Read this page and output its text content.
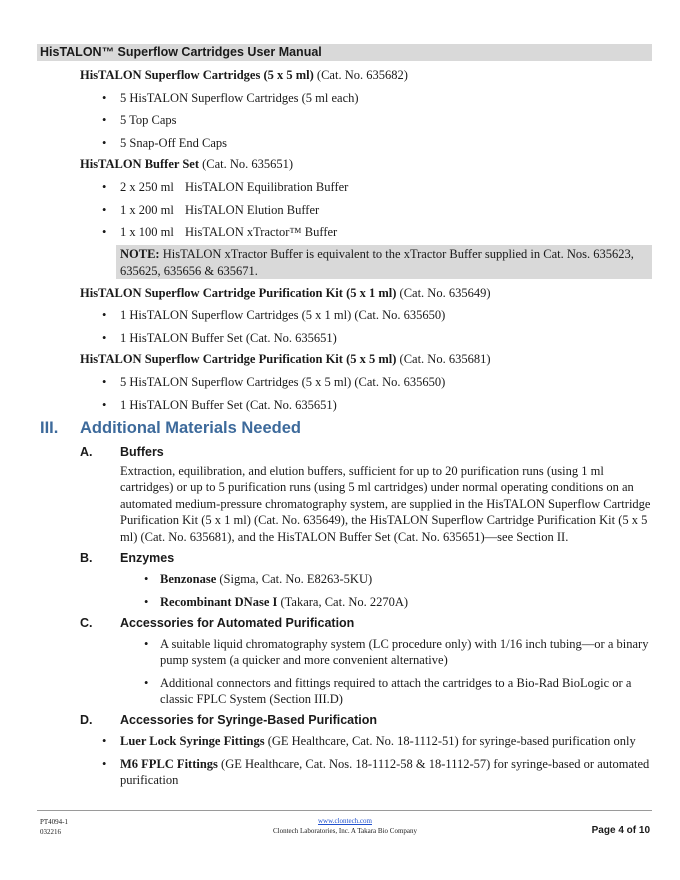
HisTALON™ Superflow Cartridges User Manual
HisTALON Superflow Cartridges (5 x 5 ml) (Cat. No. 635682)
• 5 HisTALON Superflow Cartridges (5 ml each)
• 5 Top Caps
• 5 Snap-Off End Caps
HisTALON Buffer Set (Cat. No. 635651)
• 2 x 250 ml HisTALON Equilibration Buffer
• 1 x 200 ml HisTALON Elution Buffer
• 1 x 100 ml HisTALON xTractor™ Buffer
NOTE: HisTALON xTractor Buffer is equivalent to the xTractor Buffer supplied in Cat. Nos. 635623, 635625, 635656 & 635671.
HisTALON Superflow Cartridge Purification Kit (5 x 1 ml) (Cat. No. 635649)
• 1 HisTALON Superflow Cartridges (5 x 1 ml) (Cat. No. 635650)
• 1 HisTALON Buffer Set (Cat. No. 635651)
HisTALON Superflow Cartridge Purification Kit (5 x 5 ml) (Cat. No. 635681)
• 5 HisTALON Superflow Cartridges (5 x 5 ml) (Cat. No. 635650)
• 1 HisTALON Buffer Set (Cat. No. 635651)
III. Additional Materials Needed
A. Buffers
Extraction, equilibration, and elution buffers, sufficient for up to 20 purification runs (using 1 ml cartridges) or up to 5 purification runs (using 5 ml cartridges) under normal operating conditions on an automated medium-pressure chromatography system, are supplied in the HisTALON Superflow Cartridge Purification Kit (5 x 1 ml) (Cat. No. 635649), the HisTALON Superflow Cartridge Purification Kit (5 x 5 ml) (Cat. No. 635681), and the HisTALON Buffer Set (Cat. No. 635651)—see Section II.
B. Enzymes
• Benzonase (Sigma, Cat. No. E8263-5KU)
• Recombinant DNase I (Takara, Cat. No. 2270A)
C. Accessories for Automated Purification
• A suitable liquid chromatography system (LC procedure only) with 1/16 inch tubing—or a binary pump system (a quicker and more convenient alternative)
• Additional connectors and fittings required to attach the cartridges to a Bio-Rad BioLogic or a classic FPLC System (Section III.D)
D. Accessories for Syringe-Based Purification
• Luer Lock Syringe Fittings (GE Healthcare, Cat. No. 18-1112-51) for syringe-based purification only
• M6 FPLC Fittings (GE Healthcare, Cat. Nos. 18-1112-58 & 18-1112-57) for syringe-based or automated purification
PT4094-1
032216
www.clontech.com
Clontech Laboratories, Inc. A Takara Bio Company	Page 4 of 10
